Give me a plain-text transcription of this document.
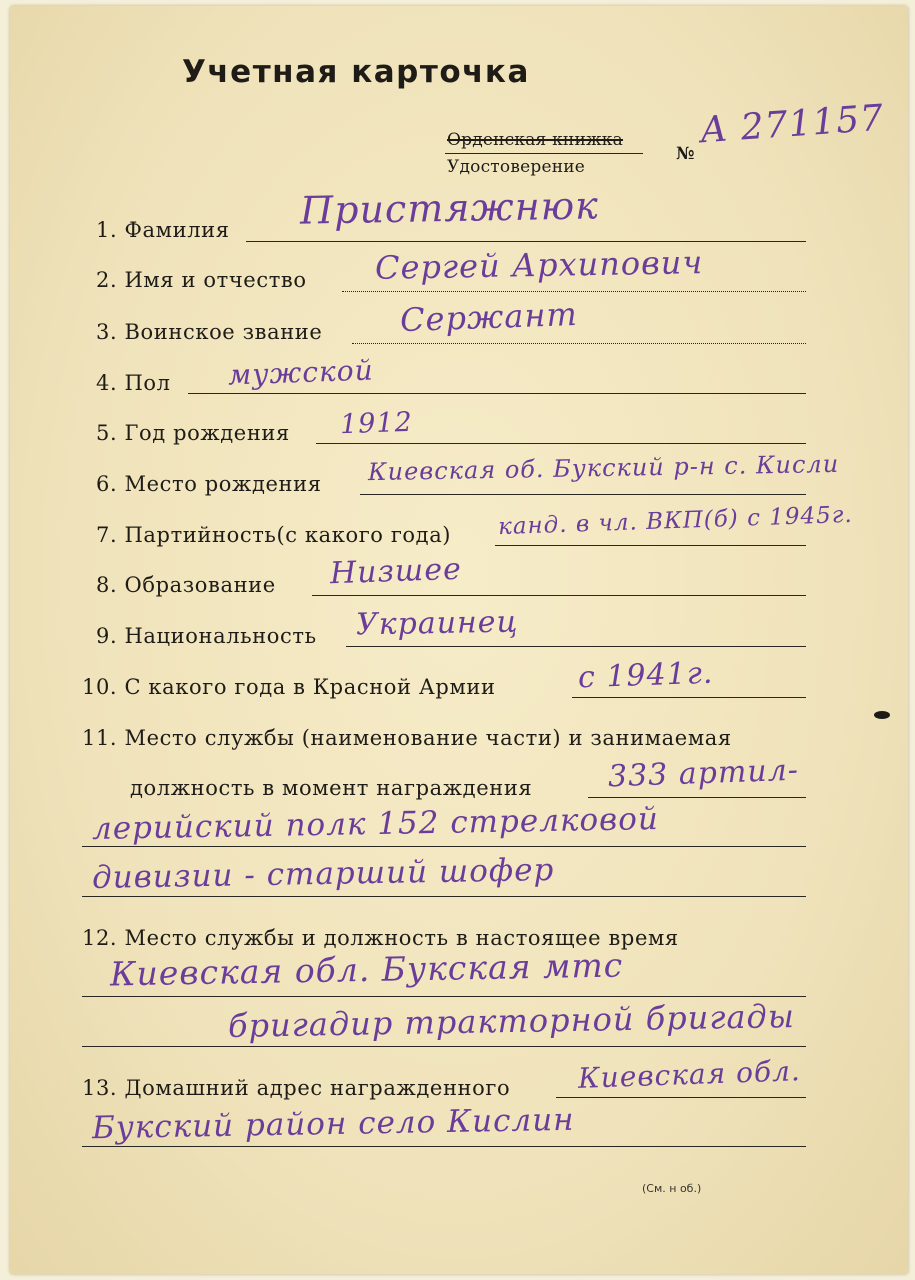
Учетная карточка
Орденская книжка
Удостоверение
№
А 271157
1. Фамилия Пристяжнюк
2. Имя и отчество Сергей Архипович
3. Воинское звание Сержант
4. Пол мужской
5. Год рождения 1912
6. Место рождения Киевская об. Букский р-н с. Кисли
7. Партийность(с какого года) канд. в чл. ВКП(б) с 1945г.
8. Образование Низшее
9. Национальность Украинец
10. С какого года в Красной Армии	с 1941г.
11. Место службы (наименование части) и занимаемая
должность в момент награждения	333 артил-
лерийский полк 152 стрелковой
дивизии - старший шофер
12. Место службы и должность в настоящее время
Киевская обл. Букская мтс
бригадир тракторной бригады
13. Домашний адрес награжденного Киевская обл.
Букский район село Кислин
(См. н об.)
